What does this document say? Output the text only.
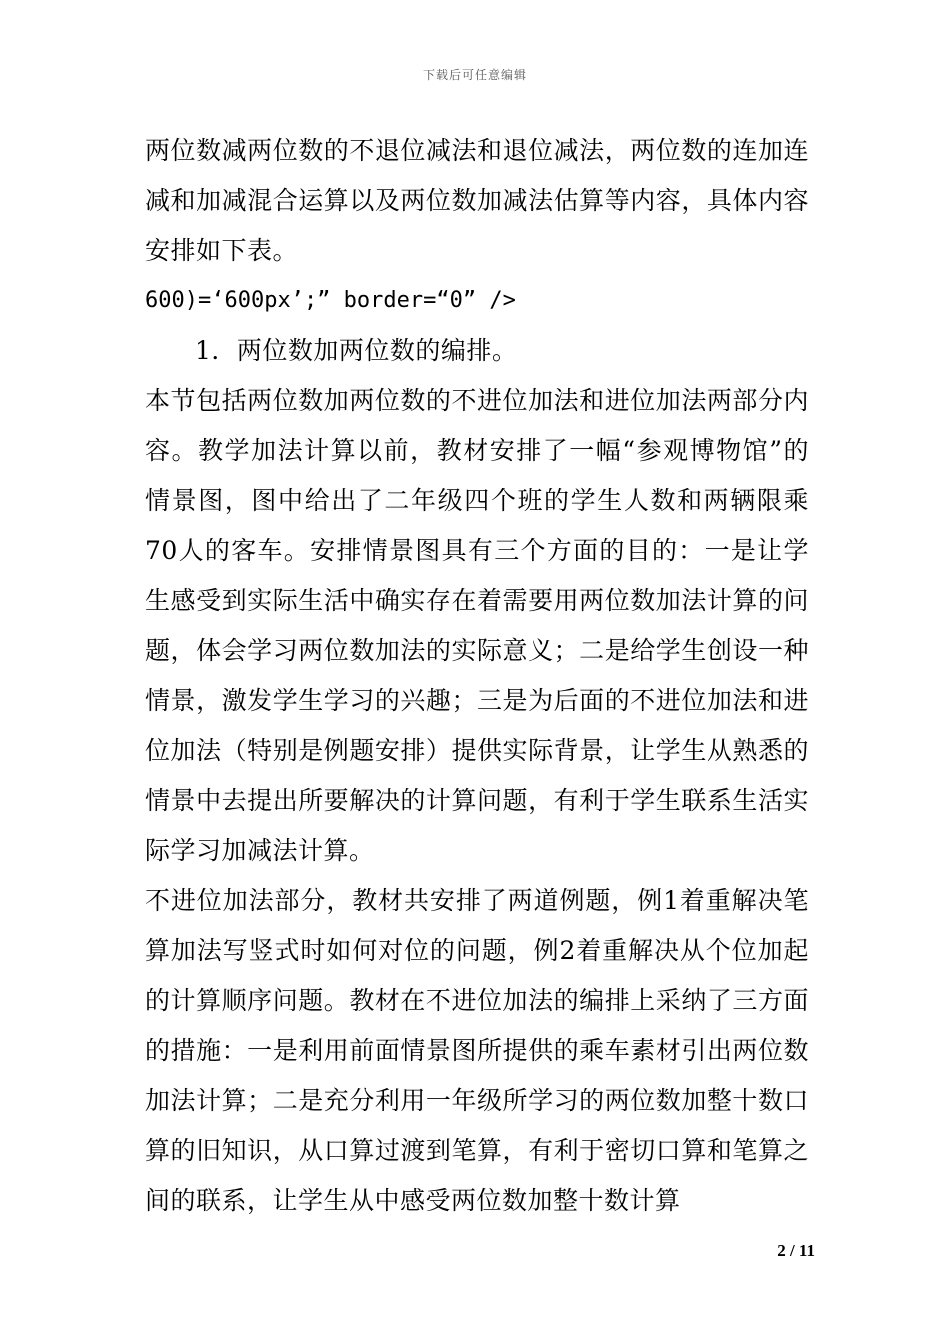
下载后可任意编辑

两位数减两位数的不退位减法和退位减法，两位数的连加连减和加减混合运算以及两位数加减法估算等内容，具体内容安排如下表。

600)=‘600px’;” border=“0” />

1．两位数加两位数的编排。

本节包括两位数加两位数的不进位加法和进位加法两部分内容。教学加法计算以前，教材安排了一幅“参观博物馆”的情景图，图中给出了二年级四个班的学生人数和两辆限乘70人的客车。安排情景图具有三个方面的目的：一是让学生感受到实际生活中确实存在着需要用两位数加法计算的问题，体会学习两位数加法的实际意义；二是给学生创设一种情景，激发学生学习的兴趣；三是为后面的不进位加法和进位加法（特别是例题安排）提供实际背景，让学生从熟悉的情景中去提出所要解决的计算问题，有利于学生联系生活实际学习加减法计算。

不进位加法部分，教材共安排了两道例题，例1着重解决笔算加法写竖式时如何对位的问题，例2着重解决从个位加起的计算顺序问题。教材在不进位加法的编排上采纳了三方面的措施：一是利用前面情景图所提供的乘车素材引出两位数加法计算；二是充分利用一年级所学习的两位数加整十数口算的旧知识，从口算过渡到笔算，有利于密切口算和笔算之间的联系，让学生从中感受两位数加整十数计算

2 / 11
